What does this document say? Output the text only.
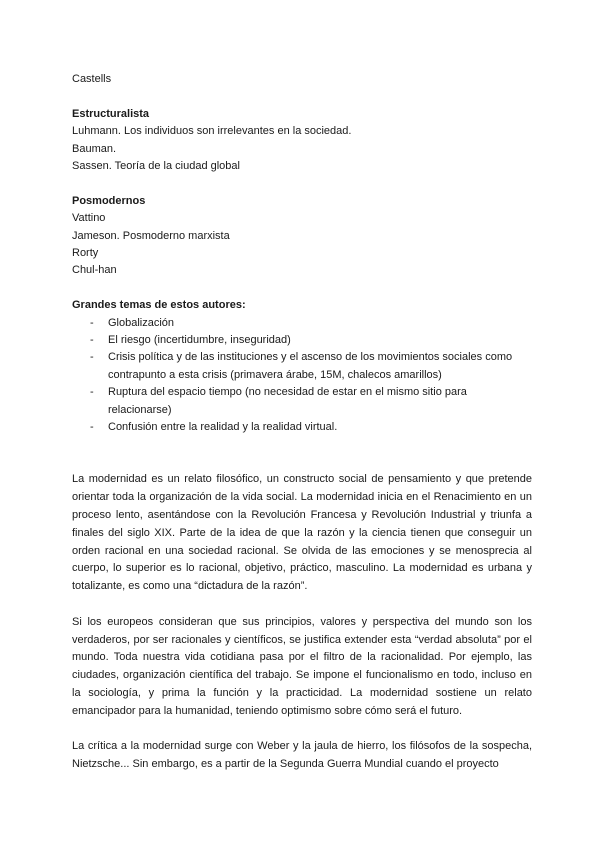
Castells
Estructuralista
Luhmann. Los individuos son irrelevantes en la sociedad.
Bauman.
Sassen. Teoría de la ciudad global
Posmodernos
Vattino
Jameson. Posmoderno marxista
Rorty
Chul-han
Grandes temas de estos autores:
- Globalización
- El riesgo (incertidumbre, inseguridad)
- Crisis política y de las instituciones y el ascenso de los movimientos sociales como contrapunto a esta crisis (primavera árabe, 15M, chalecos amarillos)
- Ruptura del espacio tiempo (no necesidad de estar en el mismo sitio para relacionarse)
- Confusión entre la realidad y la realidad virtual.

La modernidad es un relato filosófico, un constructo social de pensamiento y que pretende orientar toda la organización de la vida social. La modernidad inicia en el Renacimiento en un proceso lento, asentándose con la Revolución Francesa y Revolución Industrial y triunfa a finales del siglo XIX. Parte de la idea de que la razón y la ciencia tienen que conseguir un orden racional en una sociedad racional. Se olvida de las emociones y se menosprecia al cuerpo, lo superior es lo racional, objetivo, práctico, masculino. La modernidad es urbana y totalizante, es como una “dictadura de la razón”.

Si los europeos consideran que sus principios, valores y perspectiva del mundo son los verdaderos, por ser racionales y científicos, se justifica extender esta “verdad absoluta” por el mundo. Toda nuestra vida cotidiana pasa por el filtro de la racionalidad. Por ejemplo, las ciudades, organización científica del trabajo. Se impone el funcionalismo en todo, incluso en la sociología, y prima la función y la practicidad. La modernidad sostiene un relato emancipador para la humanidad, teniendo optimismo sobre cómo será el futuro.

La crítica a la modernidad surge con Weber y la jaula de hierro, los filósofos de la sospecha, Nietzsche... Sin embargo, es a partir de la Segunda Guerra Mundial cuando el proyecto
